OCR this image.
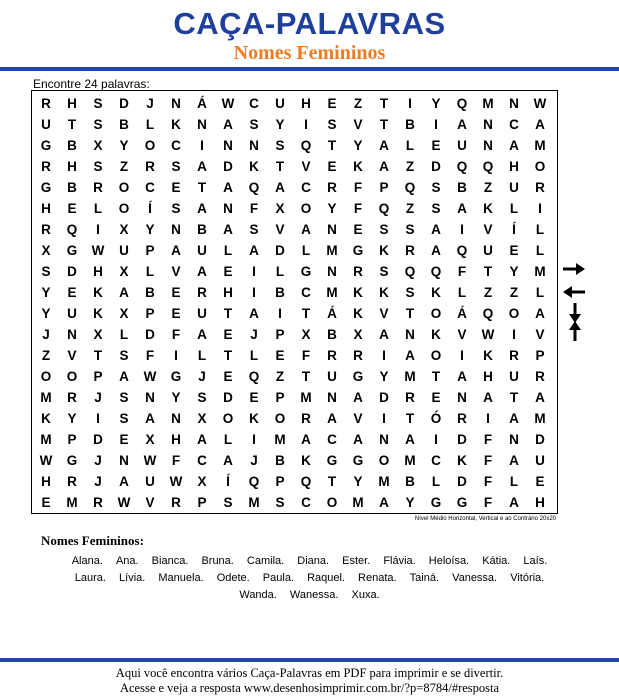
CAÇA-PALAVRAS
Nomes Femininos
Encontre 24 palavras:
R	H	S	D	J	N	Á	W	C	U	H	E	Z	T	I	Y	Q	M	N	W
U	T	S	B	L	K	N	A	S	Y	I	S	V	T	B	I	A	N	C	A
G	B	X	Y	O	C	I	N	N	S	Q	T	Y	A	L	E	U	N	A	M
R	H	S	Z	R	S	A	D	K	T	V	E	K	A	Z	D	Q	Q	H	O
G	B	R	O	C	E	T	A	Q	A	C	R	F	P	Q	S	B	Z	U	R
H	E	L	O	Í	S	A	N	F	X	O	Y	F	Q	Z	S	A	K	L	I
R	Q	I	X	Y	N	B	A	S	V	A	N	E	S	S	A	I	V	Í	L
X	G	W	U	P	A	U	L	A	D	L	M	G	K	R	A	Q	U	E	L
S	D	H	X	L	V	A	E	I	L	G	N	R	S	Q	Q	F	T	Y	M
Y	E	K	A	B	E	R	H	I	B	C	M	K	K	S	K	L	Z	Z	L
Y	U	K	X	P	E	U	T	A	I	T	Á	K	V	T	O	Á	Q	O	A
J	N	X	L	D	F	A	E	J	P	X	B	X	A	N	K	V	W	I	V
Z	V	T	S	F	I	L	T	L	E	F	R	R	I	A	O	I	K	R	P
O	O	P	A	W	G	J	E	Q	Z	T	U	G	Y	M	T	A	H	U	R
M	R	J	S	N	Y	S	D	E	P	M	N	A	D	R	E	N	A	T	A
K	Y	I	S	A	N	X	O	K	O	R	A	V	I	T	Ó	R	I	A	M
M	P	D	E	X	H	A	L	I	M	A	C	A	N	A	I	D	F	N	D
W	G	J	N	W	F	C	A	J	B	K	G	G	O	M	C	K	F	A	U
H	R	J	A	U	W	X	Í	Q	P	Q	T	Y	M	B	L	D	F	L	E
E	M	R	W	V	R	P	S	M	S	C	O	M	A	Y	G	G	F	A	H
Nível Médio Horizontal, Vertical e ao Contrário 20x20
Nomes Femininos:
Alana. Ana. Bianca. Bruna. Camila. Diana. Ester. Flávia. Heloísa. Kátia. Laís.
Laura. Lívia. Manuela. Odete. Paula. Raquel. Renata. Tainá. Vanessa. Vitória.
Wanda. Wanessa. Xuxa.
Aqui você encontra vários Caça-Palavras em PDF para imprimir e se divertir.
Acesse e veja a resposta www.desenhosimprimir.com.br/?p=8784/#resposta
